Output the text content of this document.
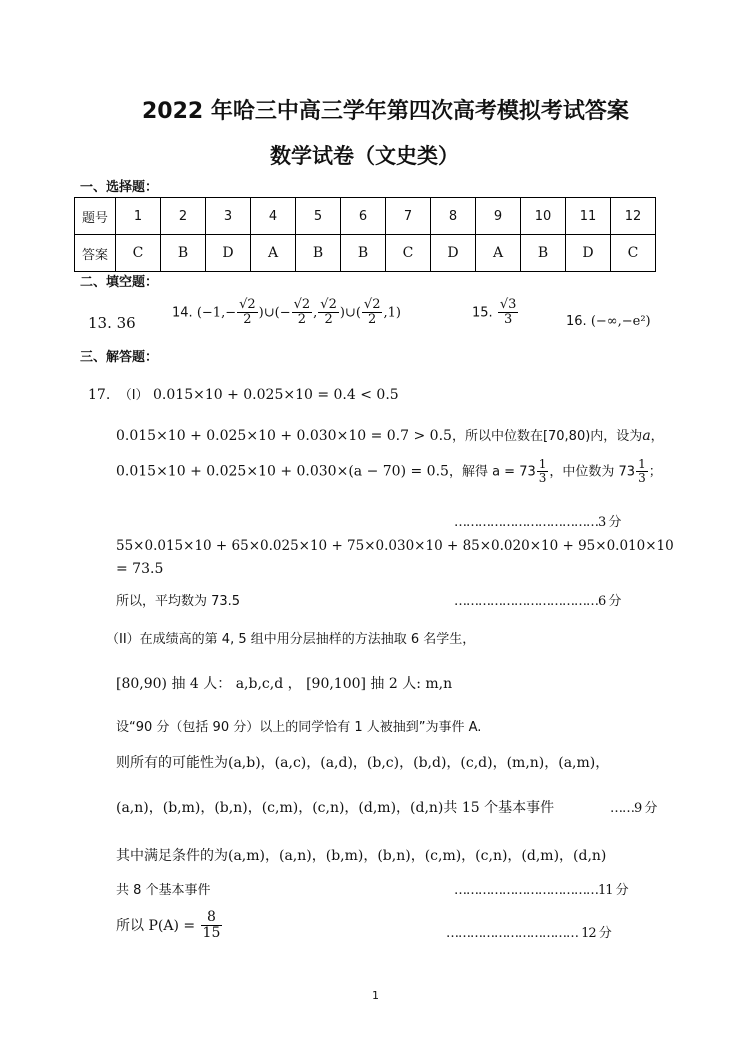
2022 年哈三中高三学年第四次高考模拟考试答案
数学试卷（文史类）
一、选择题：
题号	1	2	3	4	5	6	7	8	9	10	11	12
答案	C	B	D	A	B	B	C	D	A	B	D	C
二、填空题：
13. 36
14. ($-1,- \frac{√2}{2}$ )∪(− $\frac{√2}{2}$ , $\frac{√2}{2}$ )∪( $\frac{√2}{2} ,1$)	15. $\frac{√3}{3}$	16. (−∞,−e²)
三、解答题：
17. （I） 0.015×10 + 0.025×10 = 0.4 < 0.5
0.015×10 + 0.025×10 + 0.030×10 = 0.7 > 0.5，所以中位数在[70,80)内，设为a，
0.015×10 + 0.025×10 + 0.030×(a − 70) = 0.5，解得 $a = 73 \frac{1}{3}$ ，中位数为 $73 \frac{1}{3}$ ；
………………………………3 分
55×0.015×10 + 65×0.025×10 + 75×0.030×10 + 85×0.020×10 + 95×0.010×10
= 73.5
所以，平均数为 73.5	………………………………6 分
（II）在成绩高的第 4, 5 组中用分层抽样的方法抽取 6 名学生，
[80,90) 抽 4 人： a,b,c,d ， [90,100] 抽 2 人: m,n
设“90 分（包括 90 分）以上的同学恰有 1 人被抽到”为事件 A.
则所有的可能性为(a,b)，(a,c)，(a,d)，(b,c)，(b,d)，(c,d)，(m,n)，(a,m)，
(a,n)，(b,m)，(b,n)，(c,m)，(c,n)，(d,m)，(d,n)共 15 个基本事件	……9 分
其中满足条件的为(a,m)，(a,n)，(b,m)，(b,n)，(c,m)，(c,n)，(d,m)，(d,n)
共 8 个基本事件	………………………………11 分
所以 $P(A) = \frac{8}{15}$	…………………………… 12 分
1
